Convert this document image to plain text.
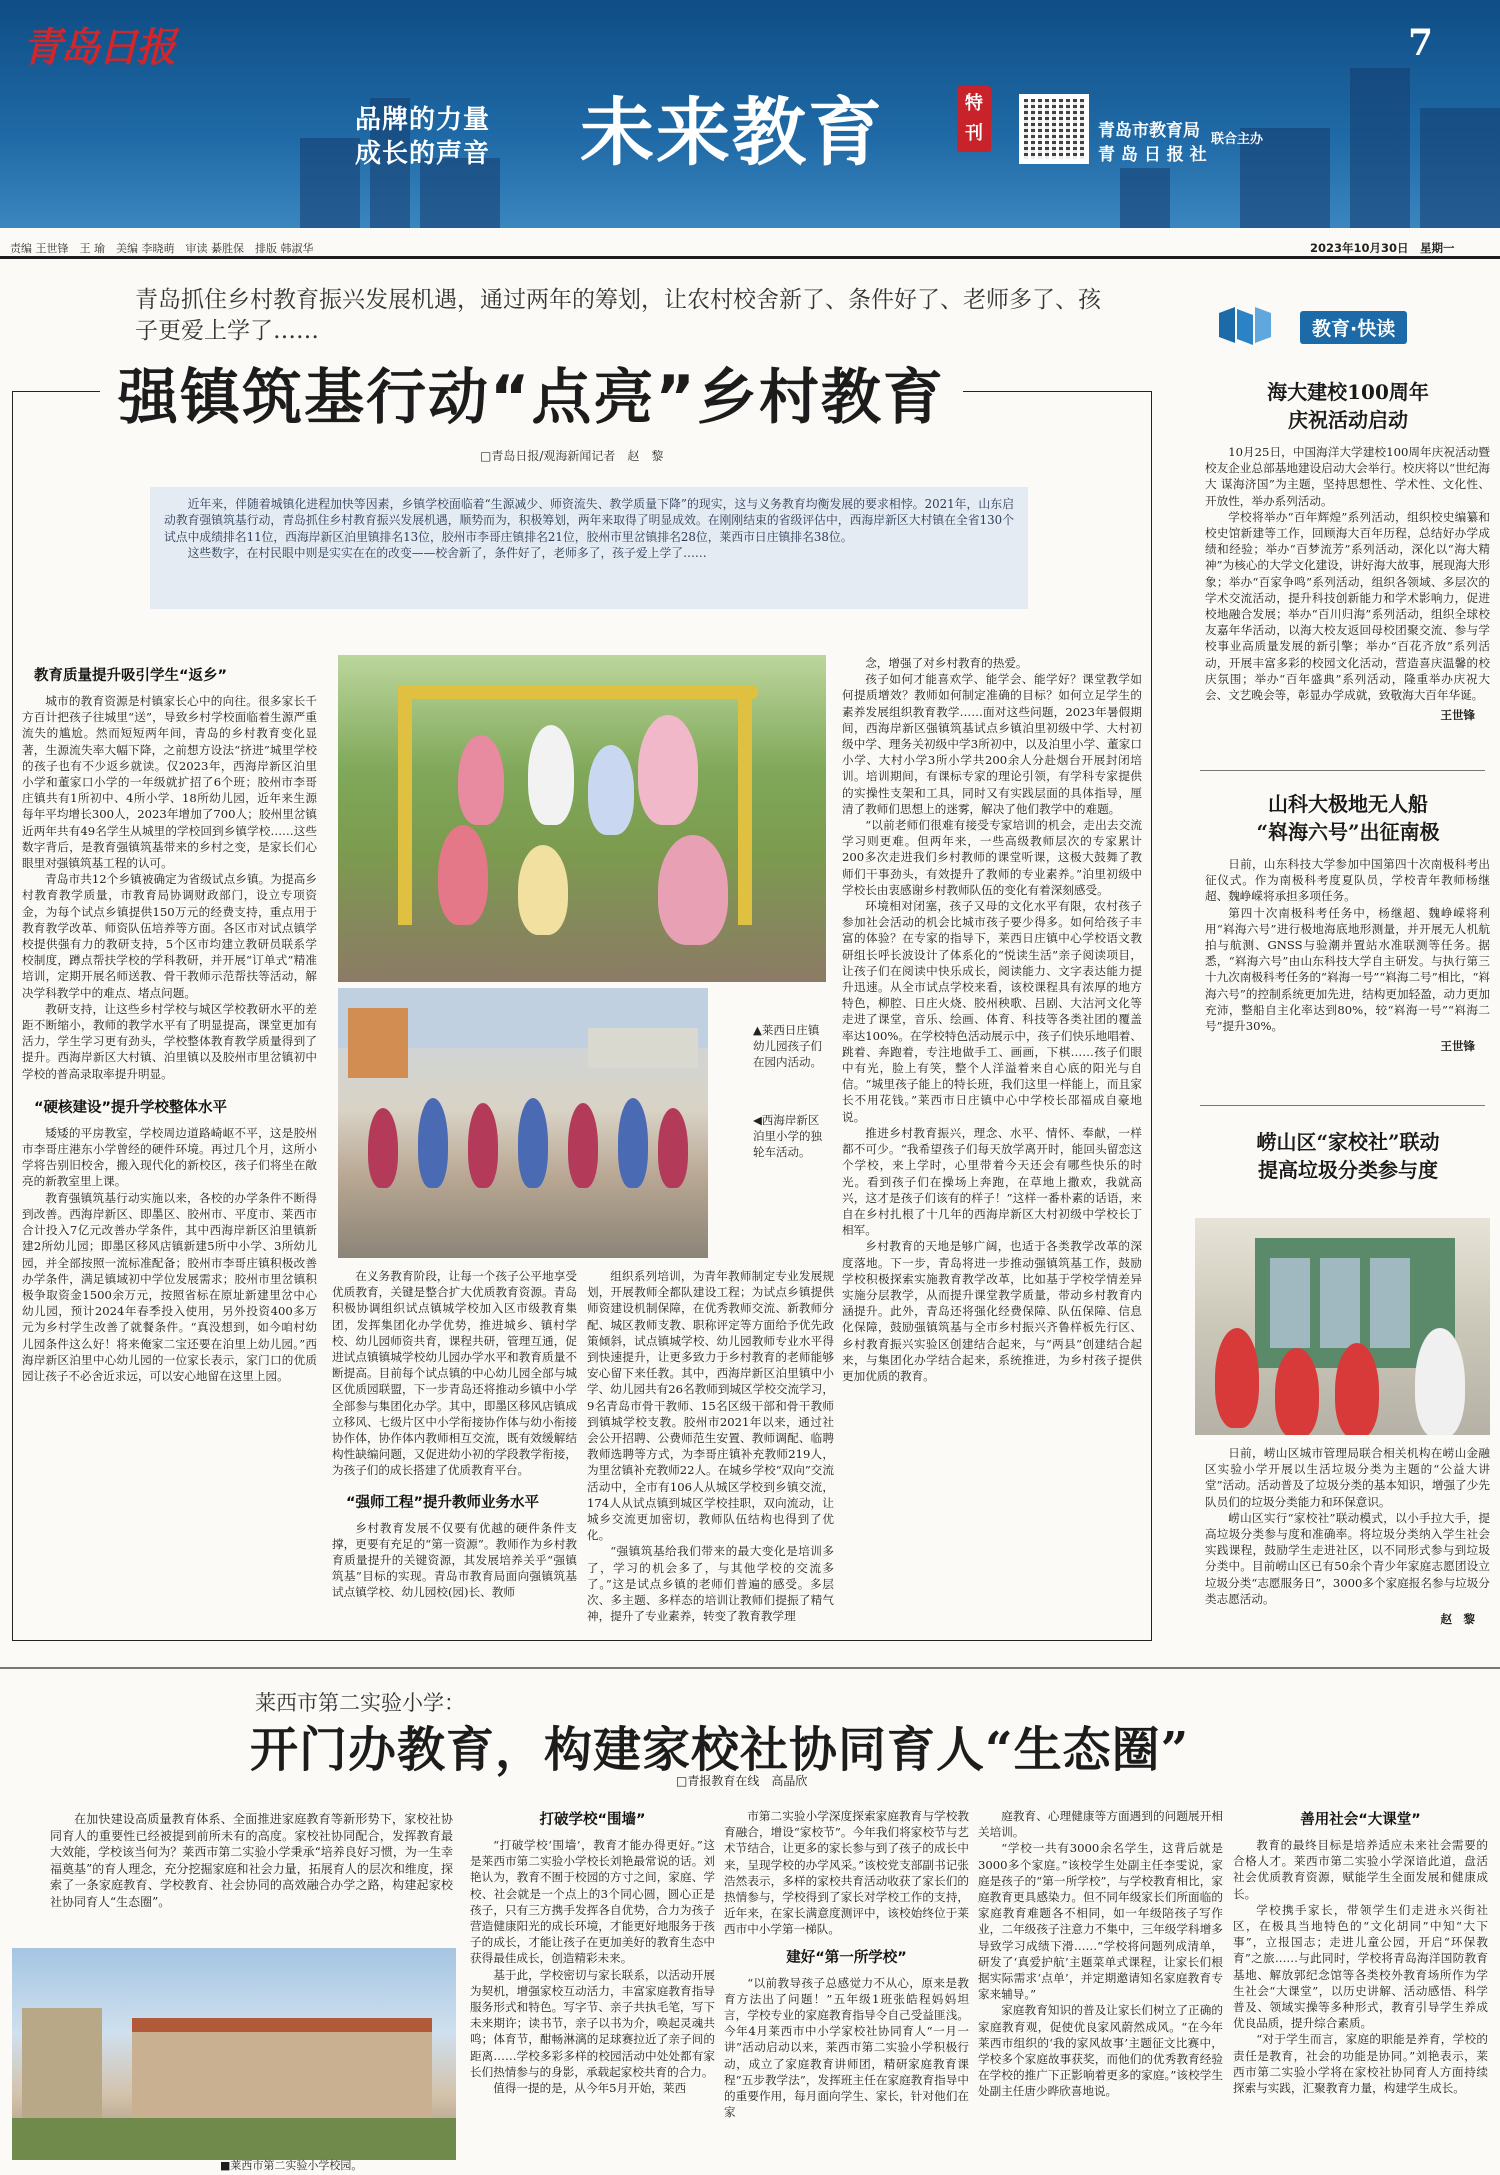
青岛日报	7
品牌的力量
成长的声音 未来教育	特刊	青岛市教育局
青 岛 日 报 社
联合主办
责编 王世锋　王 瑜　美编 李晓萌　审读 綦胜保　排版 韩淑华	2023年10月30日　星期一
青岛抓住乡村教育振兴发展机遇，通过两年的筹划，让农村校舍新了、条件好了、老师多了、孩子更爱上学了……
强镇筑基行动“点亮”乡村教育
□青岛日报/观海新闻记者　赵　黎

近年来，伴随着城镇化进程加快等因素，乡镇学校面临着“生源减少、师资流失、教学质量下降”的现实，这与义务教育均衡发展的要求相悖。2021年，山东启动教育强镇筑基行动，青岛抓住乡村教育振兴发展机遇，顺势而为，积极筹划，两年来取得了明显成效。在刚刚结束的省级评估中，西海岸新区大村镇在全省130个试点中成绩排名11位，西海岸新区泊里镇排名13位，胶州市李哥庄镇排名21位，胶州市里岔镇排名28位，莱西市日庄镇排名38位。

这些数字，在村民眼中则是实实在在的改变——校舍新了，条件好了，老师多了，孩子爱上学了……

教育质量提升吸引学生“返乡”

城市的教育资源是村镇家长心中的向往。很多家长千方百计把孩子往城里“送”，导致乡村学校面临着生源严重流失的尴尬。然而短短两年间，青岛的乡村教育变化显著，生源流失率大幅下降，之前想方设法“挤进”城里学校的孩子也有不少返乡就读。仅2023年，西海岸新区泊里小学和董家口小学的一年级就扩招了6个班；胶州市李哥庄镇共有1所初中、4所小学、18所幼儿园，近年来生源每年平均增长300人，2023年增加了700人；胶州里岔镇近两年共有49名学生从城里的学校回到乡镇学校……这些数字背后，是教育强镇筑基带来的乡村之变，是家长们心眼里对强镇筑基工程的认可。

青岛市共12个乡镇被确定为省级试点乡镇。为提高乡村教育教学质量，市教育局协调财政部门，设立专项资金，为每个试点乡镇提供150万元的经费支持，重点用于教育教学改革、师资队伍培养等方面。各区市对试点镇学校提供强有力的教研支持，5个区市均建立教研员联系学校制度，蹲点帮扶学校的学科教研，并开展“订单式”精准培训，定期开展名师送教、骨干教师示范帮扶等活动，解决学科教学中的难点、堵点问题。

教研支持，让这些乡村学校与城区学校教研水平的差距不断缩小，教师的教学水平有了明显提高，课堂更加有活力，学生学习更有劲头，学校整体教育教学质量得到了提升。西海岸新区大村镇、泊里镇以及胶州市里岔镇初中学校的普高录取率提升明显。

“硬核建设”提升学校整体水平

矮矮的平房教室，学校周边道路崎岖不平，这是胶州市李哥庄港东小学曾经的硬件环境。再过几个月，这所小学将告别旧校舍，搬入现代化的新校区，孩子们将坐在敞亮的新教室里上课。

教育强镇筑基行动实施以来，各校的办学条件不断得到改善。西海岸新区、即墨区、胶州市、平度市、莱西市合计投入7亿元改善办学条件，其中西海岸新区泊里镇新建2所幼儿园；即墨区移风店镇新建5所中小学、3所幼儿园，并全部按照一流标准配备；胶州市李哥庄镇积极改善办学条件，满足镇域初中学位发展需求；胶州市里岔镇积极争取资金1500余万元，按照省标在原址新建里岔中心幼儿园，预计2024年春季投入使用，另外投资400多万元为乡村学生改善了就餐条件。“真没想到，如今咱村幼儿园条件这么好！将来俺家二宝还要在泊里上幼儿园。”西海岸新区泊里中心幼儿园的一位家长表示，家门口的优质园让孩子不必舍近求远，可以安心地留在这里上园。

▲莱西日庄镇幼儿园孩子们在园内活动。
◀西海岸新区泊里小学的独轮车活动。

在义务教育阶段，让每一个孩子公平地享受优质教育，关键是整合扩大优质教育资源。青岛积极协调组织试点镇城学校加入区市级教育集团，发挥集团化办学优势，推进城乡、镇村学校、幼儿园师资共育，课程共研，管理互通，促进试点镇镇城学校幼儿园办学水平和教育质量不断提高。目前每个试点镇的中心幼儿园全部与城区优质园联盟，下一步青岛还将推动乡镇中小学全部参与集团化办学。其中，即墨区移风店镇成立移风、七级片区中小学衔接协作体与幼小衔接协作体，协作体内教师相互交流，既有效缓解结构性缺编问题，又促进幼小初的学段教学衔接，为孩子们的成长搭建了优质教育平台。

“强师工程”提升教师业务水平

乡村教育发展不仅要有优越的硬件条件支撑，更要有充足的“第一资源”。教师作为乡村教育质量提升的关键资源，其发展培养关乎“强镇筑基”目标的实现。青岛市教育局面向强镇筑基试点镇学校、幼儿园校(园)长、教师

组织系列培训，为青年教师制定专业发展规划，开展教师全都队建设工程；为试点乡镇提供师资建设机制保障，在优秀教师交流、新教师分配、城区教师支教、职称评定等方面给予优先政策倾斜，试点镇城学校、幼儿园教师专业水平得到快速提升，让更多致力于乡村教育的老师能够安心留下来任教。其中，西海岸新区泊里镇中小学、幼儿园共有26名教师到城区学校交流学习，9名青岛市骨干教师、15名区级干部和骨干教师到镇城学校支教。胶州市2021年以来，通过社会公开招聘、公费师范生安置、教师调配、临聘教师选聘等方式，为李哥庄镇补充教师219人，为里岔镇补充教师22人。在城乡学校“双向”交流活动中，全市有106人从城区学校到乡镇交流，174人从试点镇到城区学校挂职，双向流动，让城乡交流更加密切，教师队伍结构也得到了优化。

“强镇筑基给我们带来的最大变化是培训多了，学习的机会多了，与其他学校的交流多了。”这是试点乡镇的老师们普遍的感受。多层次、多主题、多样态的培训让教师们提振了精气神，提升了专业素养，转变了教育教学理

念，增强了对乡村教育的热爱。

孩子如何才能喜欢学、能学会、能学好？课堂教学如何提质增效？教师如何制定准确的目标？如何立足学生的素养发展组织教育教学……面对这些问题，2023年暑假期间，西海岸新区强镇筑基试点乡镇泊里初级中学、大村初级中学、理务关初级中学3所初中，以及泊里小学、董家口小学、大村小学3所小学共200余人分赴烟台开展封闭培训。培训期间，有课标专家的理论引领，有学科专家提供的实操性支架和工具，同时又有实践层面的具体指导，厘清了教师们思想上的迷雾，解决了他们教学中的难题。

“以前老师们很难有接受专家培训的机会，走出去交流学习则更难。但两年来，一些高级教师层次的专家累计200多次走进我们乡村教师的课堂听课，这极大鼓舞了教师们干事劲头，有效提升了教师的专业素养。”泊里初级中学校长由衷感谢乡村教师队伍的变化有着深刻感受。

环境相对闭塞，孩子又母的文化水平有限，农村孩子参加社会活动的机会比城市孩子要少得多。如何给孩子丰富的体验？在专家的指导下，莱西日庄镇中心学校语文教研组长呼长波设计了体系化的“悦读生活”亲子阅读项目，让孩子们在阅读中快乐成长，阅读能力、文字表达能力提升迅速。从全市试点学校来看，该校课程具有浓厚的地方特色，柳腔、日庄火烧、胶州秧歌、吕剧、大沽河文化等走进了课堂，音乐、绘画、体育、科技等各类社团的覆盖率达100%。在学校特色活动展示中，孩子们快乐地唱着、跳着、奔跑着，专注地做手工、画画，下棋……孩子们眼中有光，脸上有笑，整个人洋溢着来自心底的阳光与自信。“城里孩子能上的特长班，我们这里一样能上，而且家长不用花钱。”莱西市日庄镇中心中学校长邵福成自豪地说。

推进乡村教育振兴，理念、水平、情怀、奉献，一样都不可少。“我希望孩子们每天放学离开时，能回头留恋这个学校，来上学时，心里带着今天还会有哪些快乐的时光。看到孩子们在操场上奔跑，在草地上撒欢，我就高兴，这才是孩子们该有的样子！”这样一番朴素的话语，来自在乡村扎根了十几年的西海岸新区大村初级中学校长丁相军。

乡村教育的天地是够广阔，也适于各类教学改革的深度落地。下一步，青岛将进一步推动强镇筑基工作，鼓励学校积极探索实施教育教学改革，比如基于学校学情差异实施分层教学，从而提升课堂教学质量，带动乡村教育内涵提升。此外，青岛还将强化经费保障、队伍保障、信息化保障，鼓励强镇筑基与全市乡村振兴齐鲁样板先行区、乡村教育振兴实验区创建结合起来，与“两县”创建结合起来，与集团化办学结合起来，系统推进，为乡村孩子提供更加优质的教育。

教育·快读
海大建校100周年
庆祝活动启动

10月25日，中国海洋大学建校100周年庆祝活动暨校友企业总部基地建设启动大会举行。校庆将以“世纪海大 谋海济国”为主题，坚持思想性、学术性、文化性、开放性，举办系列活动。

学校将举办“百年辉煌”系列活动，组织校史编纂和校史馆新建等工作，回顾海大百年历程，总结好办学成绩和经验；举办“百梦流芳”系列活动，深化以“海大精神”为核心的大学文化建设，讲好海大故事，展现海大形象；举办“百家争鸣”系列活动，组织各领域、多层次的学术交流活动，提升科技创新能力和学术影响力，促进校地融合发展；举办“百川归海”系列活动，组织全球校友嘉年华活动，以海大校友返回母校团聚交流、参与学校事业高质量发展的新引擎；举办“百花齐放”系列活动，开展丰富多彩的校园文化活动，营造喜庆温馨的校庆氛围；举办“百年盛典”系列活动，隆重举办庆祝大会、文艺晚会等，彰显办学成就，致敬海大百年华诞。

王世锋
山科大极地无人船
“嵙海六号”出征南极

日前，山东科技大学参加中国第四十次南极科考出征仪式。作为南极科考度夏队员，学校青年教师杨继超、魏峥嵘将承担多项任务。

第四十次南极科考任务中，杨继超、魏峥嵘将利用“嵙海六号”进行极地海底地形测量，并开展无人机航拍与航测、GNSS与验潮并置站水准联测等任务。据悉，“嵙海六号”由山东科技大学自主研发。与执行第三十九次南极科考任务的“嵙海一号”“嵙海二号”相比，“嵙海六号”的控制系统更加先进，结构更加轻盈，动力更加充沛，整船自主化率达到80%，较“嵙海一号”“嵙海二号”提升30%。

王世锋
崂山区“家校社”联动
提高垃圾分类参与度

日前，崂山区城市管理局联合相关机构在崂山金融区实验小学开展以生活垃圾分类为主题的“公益大讲堂”活动。活动普及了垃圾分类的基本知识，增强了少先队员们的垃圾分类能力和环保意识。

崂山区实行“家校社”联动模式，以小手拉大手，提高垃圾分类参与度和准确率。将垃圾分类纳入学生社会实践课程，鼓励学生走进社区，以不同形式参与到垃圾分类中。目前崂山区已有50余个青少年家庭志愿团设立垃圾分类“志愿服务日”，3000多个家庭报名参与垃圾分类志愿活动。

赵　黎
莱西市第二实验小学：
开门办教育，构建家校社协同育人“生态圈”
□青报教育在线　高晶欣

在加快建设高质量教育体系、全面推进家庭教育等新形势下，家校社协同育人的重要性已经被提到前所未有的高度。家校社协同配合，发挥教育最大效能，学校该当何为？莱西市第二实验小学秉承“培养良好习惯，为一生幸福奠基”的育人理念，充分挖掘家庭和社会力量，拓展育人的层次和维度，探索了一条家庭教育、学校教育、社会协同的高效融合办学之路，构建起家校社协同育人“生态圈”。

■莱西市第二实验小学校园。
打破学校“围墙”

“打破学校‘围墙’，教育才能办得更好。”这是莱西市第二实验小学校长刘艳最常说的话。刘艳认为，教育不囿于校园的方寸之间，家庭、学校、社会就是一个点上的3个同心圆，圆心正是孩子，只有三方携手发挥各自优势，合力为孩子营造健康阳光的成长环境，才能更好地服务于孩子的成长，才能让孩子在更加美好的教育生态中获得最佳成长，创造精彩未来。

基于此，学校密切与家长联系，以活动开展为契机，增强家校互动活力，丰富家庭教育指导服务形式和特色。写字节、亲子共执毛笔，写下未来期许；读书节，亲子以书为介，唤起灵魂共鸣；体育节，酣畅淋漓的足球赛拉近了亲子间的距离……学校多彩多样的校园活动中处处都有家长们热情参与的身影，承载起家校共育的合力。

值得一提的是，从今年5月开始，莱西

市第二实验小学深度探索家庭教育与学校教育融合，增设“家校节”。今年我们将家校节与艺术节结合，让更多的家长参与到了孩子的成长中来，呈现学校的办学风采。”该校党支部副书记张浩然表示，多样的家校共育活动收获了家长们的热情参与，学校得到了家长对学校工作的支持，近年来，在家长满意度测评中，该校始终位于莱西市中小学第一梯队。

建好“第一所学校”

“以前教导孩子总感觉力不从心，原来是教育方法出了问题！”五年级1班张皓程妈妈坦言，学校专业的家庭教育指导令自己受益匪浅。今年4月莱西市中小学家校社协同育人“一月一讲”活动启动以来，莱西市第二实验小学积极行动，成立了家庭教育讲师团，精研家庭教育课程“五步教学法”，发挥班主任在家庭教育指导中的重要作用，每月面向学生、家长，针对他们在家

庭教育、心理健康等方面遇到的问题展开相关培训。

“学校一共有3000余名学生，这背后就是3000多个家庭。”该校学生处副主任李雯说，家庭是孩子的“第一所学校”，与学校教育相比，家庭教育更具感染力。但不同年级家长们所面临的家庭教育难题各不相同，如一年级陪孩子写作业，二年级孩子注意力不集中，三年级学科增多导致学习成绩下滑……“学校将问题列成清单，研发了‘真爱护航’主题菜单式课程，让家长们根据实际需求‘点单’，并定期邀请知名家庭教育专家来辅导。”

家庭教育知识的普及让家长们树立了正确的家庭教育观，促使优良家风蔚然成风。“在今年莱西市组织的‘我的家风故事’主题征文比赛中，学校多个家庭故事获奖，而他们的优秀教育经验在学校的推广下正影响着更多的家庭。”该校学生处副主任唐少晔欣喜地说。

善用社会“大课堂”

教育的最终目标是培养适应未来社会需要的合格人才。莱西市第二实验小学深谙此道，盘活社会优质教育资源，赋能学生全面发展和健康成长。

学校携手家长，带领学生们走进永兴街社区，在极具当地特色的“文化胡同”中知“大下事”，立报国志；走进儿童公园，开启“环保教育”之旅……与此同时，学校将青岛海洋国防教育基地、解放郭纪念馆等各类校外教育场所作为学生社会“大课堂”，以历史讲解、活动感悟、科学普及、领域实操等多种形式，教育引导学生养成优良品质，提升综合素质。

“对于学生而言，家庭的职能是养育，学校的责任是教育，社会的功能是协同。”刘艳表示，莱西市第二实验小学将在家校社协同育人方面持续探索与实践，汇聚教育力量，构建学生成长。
